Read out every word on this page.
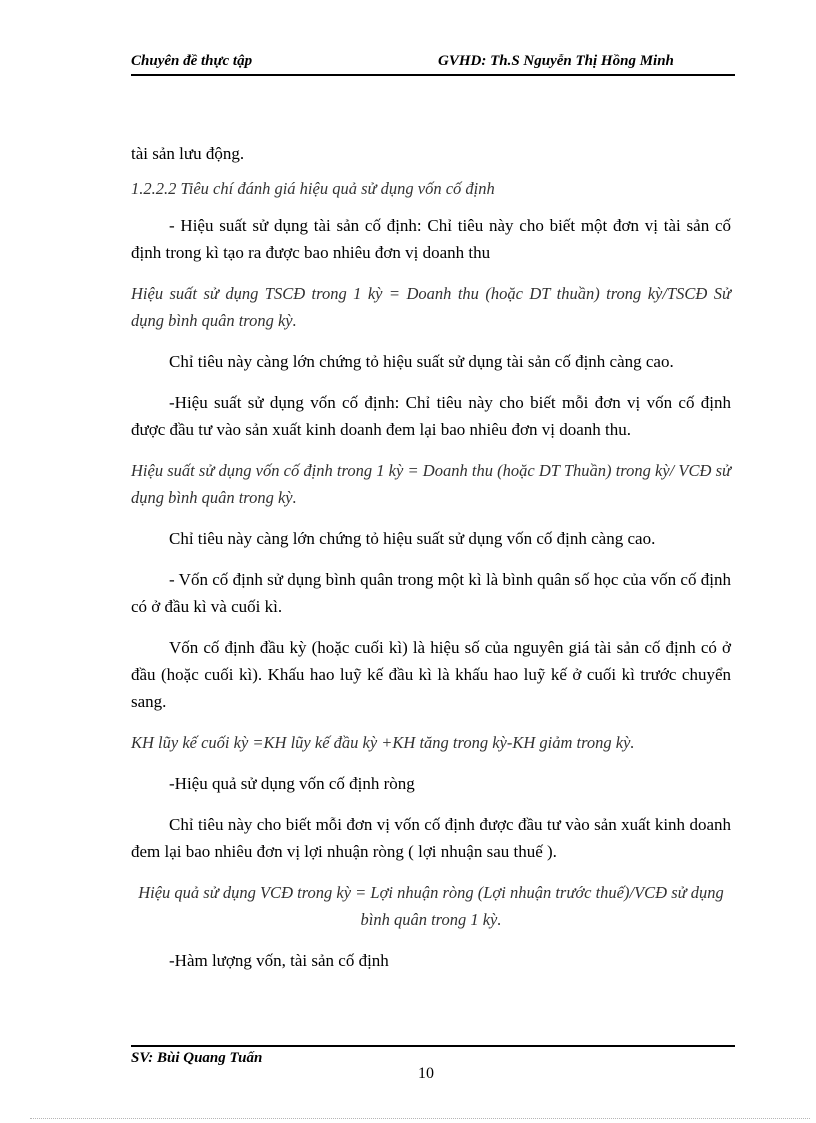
Chuyên đề thực tập	GVHD: Th.S Nguyễn Thị Hồng Minh

tài sản lưu động.

1.2.2.2 Tiêu chí đánh giá hiệu quả sử dụng vốn cố định

- Hiệu suất sử dụng tài sản cố định: Chỉ tiêu này cho biết một đơn vị tài sản cố định trong kì tạo ra được bao nhiêu đơn vị doanh thu

Hiệu suất sử dụng TSCĐ trong 1 kỳ = Doanh thu (hoặc DT thuần) trong kỳ/TSCĐ Sử dụng bình quân trong kỳ.

Chỉ tiêu này càng lớn chứng tỏ hiệu suất sử dụng tài sản cố định càng cao.

-Hiệu suất sử dụng vốn cố định: Chỉ tiêu này cho biết mỗi đơn vị vốn cố định được đầu tư vào sản xuất kinh doanh đem lại bao nhiêu đơn vị doanh thu.

Hiệu suất sử dụng vốn cố định trong 1 kỳ = Doanh thu (hoặc DT Thuần) trong kỳ/ VCĐ sử dụng bình quân trong kỳ.

Chỉ tiêu này càng lớn chứng tỏ hiệu suất sử dụng vốn cố định càng cao.

- Vốn cố định sử dụng bình quân trong một kì là bình quân số học của vốn cố định có ở đầu kì và cuối kì.

Vốn cố định đầu kỳ (hoặc cuối kì) là hiệu số của nguyên giá tài sản cố định có ở đầu (hoặc cuối kì). Khấu hao luỹ kế đầu kì là khấu hao luỹ kế ở cuối kì trước chuyển sang.

KH lũy kế cuối kỳ =KH lũy kế đầu kỳ +KH tăng trong kỳ-KH giảm trong kỳ.

-Hiệu quả sử dụng vốn cố định ròng

Chỉ tiêu này cho biết mỗi đơn vị vốn cố định được đầu tư vào sản xuất kinh doanh đem lại bao nhiêu đơn vị lợi nhuận ròng ( lợi nhuận sau thuế ).

Hiệu quả sử dụng VCĐ trong kỳ = Lợi nhuận ròng (Lợi nhuận trước thuế)/VCĐ sử dụng bình quân trong 1 kỳ.

-Hàm lượng vốn, tài sản cố định

SV: Bùi Quang Tuấn
10
